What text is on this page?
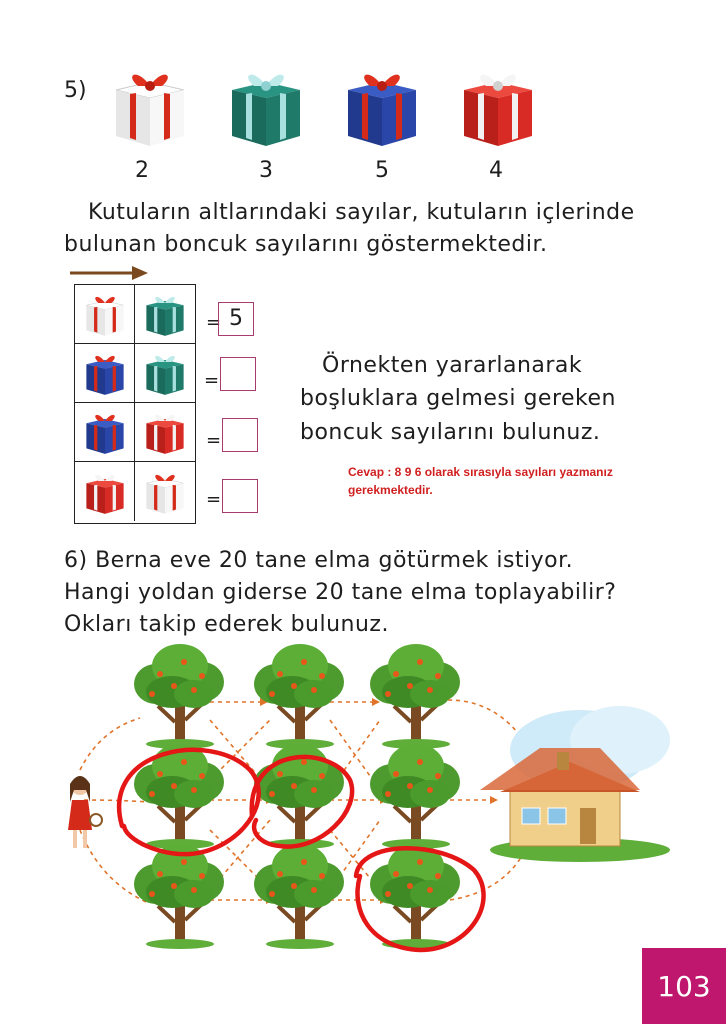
5)
2	3	5	4
Kutuların altlarındaki sayılar, kutuların içlerinde
bulunan boncuk sayılarını göstermektedir.
= 5
=
=
=
Örnekten yararlanarak
boşluklara gelmesi gereken
boncuk sayılarını bulunuz.
Cevap : 8 9 6 olarak sırasıyla sayıları yazmanız gerekmektedir.
6) Berna eve 20 tane elma götürmek istiyor.
Hangi yoldan giderse 20 tane elma toplayabilir?
Okları takip ederek bulunuz.
103
